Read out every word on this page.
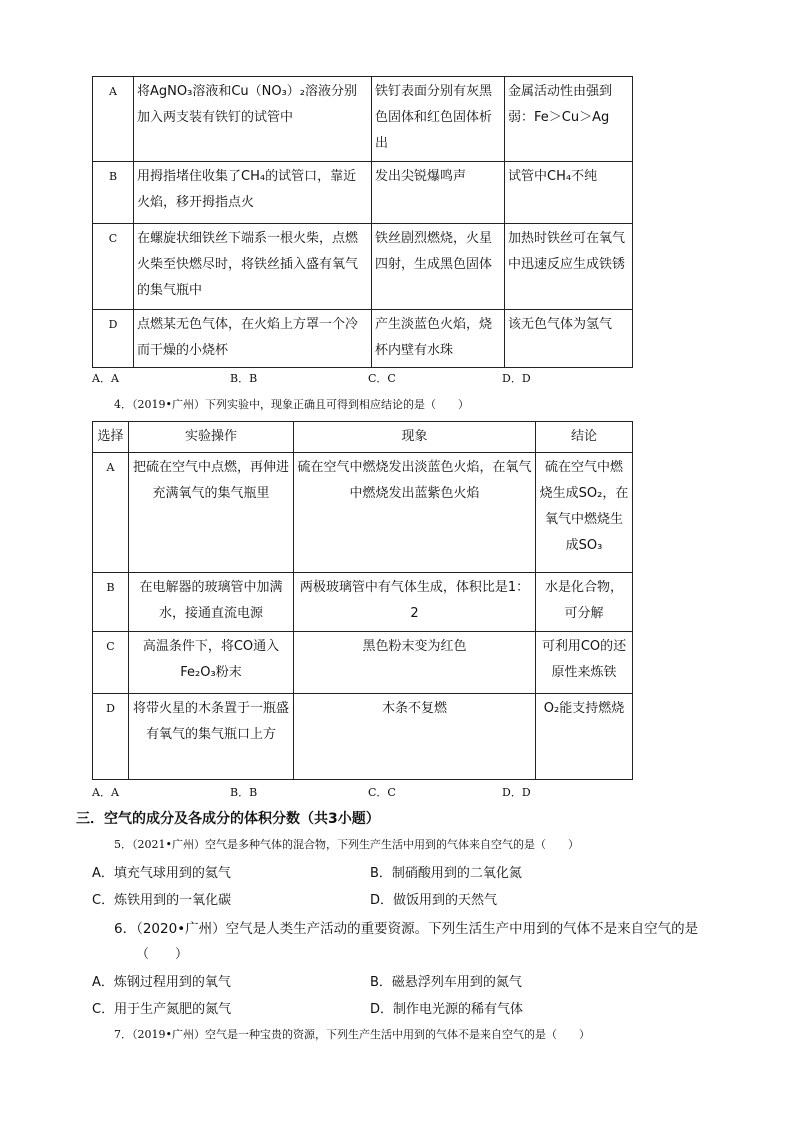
A	将AgNO₃溶液和Cu（NO₃）₂溶液分别加入两支装有铁钉的试管中	铁钉表面分别有灰黑色固体和红色固体析出	金属活动性由强到弱：Fe＞Cu＞Ag
B	用拇指堵住收集了CH₄的试管口，靠近火焰，移开拇指点火	发出尖锐爆鸣声	试管中CH₄不纯
C	在螺旋状细铁丝下端系一根火柴，点燃火柴至快燃尽时，将铁丝插入盛有氧气的集气瓶中	铁丝剧烈燃烧，火星四射，生成黑色固体	加热时铁丝可在氧气中迅速反应生成铁锈
D	点燃某无色气体，在火焰上方罩一个冷而干燥的小烧杯	产生淡蓝色火焰，烧杯内壁有水珠	该无色气体为氢气
A．A	B．B	C．C	D．D
4．（2019•广州）下列实验中，现象正确且可得到相应结论的是（　　）
选择	实验操作	现象	结论
A	把硫在空气中点燃，再伸进充满氧气的集气瓶里	硫在空气中燃烧发出淡蓝色火焰，在氧气中燃烧发出蓝紫色火焰	硫在空气中燃烧生成SO₂，在氧气中燃烧生成SO₃
B	在电解器的玻璃管中加满水，接通直流电源	两极玻璃管中有气体生成，体积比是1：2	水是化合物，可分解
C	高温条件下，将CO通入Fe₂O₃粉末	黑色粉末变为红色	可利用CO的还原性来炼铁
D	将带火星的木条置于一瓶盛有氧气的集气瓶口上方	木条不复燃	O₂能支持燃烧
A．A	B．B	C．C	D．D
三．空气的成分及各成分的体积分数（共3小题）
5．（2021•广州）空气是多种气体的混合物，下列生产生活中用到的气体来自空气的是（　　）
A．填充气球用到的氦气	B．制硝酸用到的二氧化氮
C．炼铁用到的一氧化碳	D．做饭用到的天然气
6．（2020•广州）空气是人类生产活动的重要资源。下列生活生产中用到的气体不是来自空气的是
（　　）
A．炼钢过程用到的氧气	B．磁悬浮列车用到的氮气
C．用于生产氮肥的氮气	D．制作电光源的稀有气体
7．（2019•广州）空气是一种宝贵的资源，下列生产生活中用到的气体不是来自空气的是（　　）
